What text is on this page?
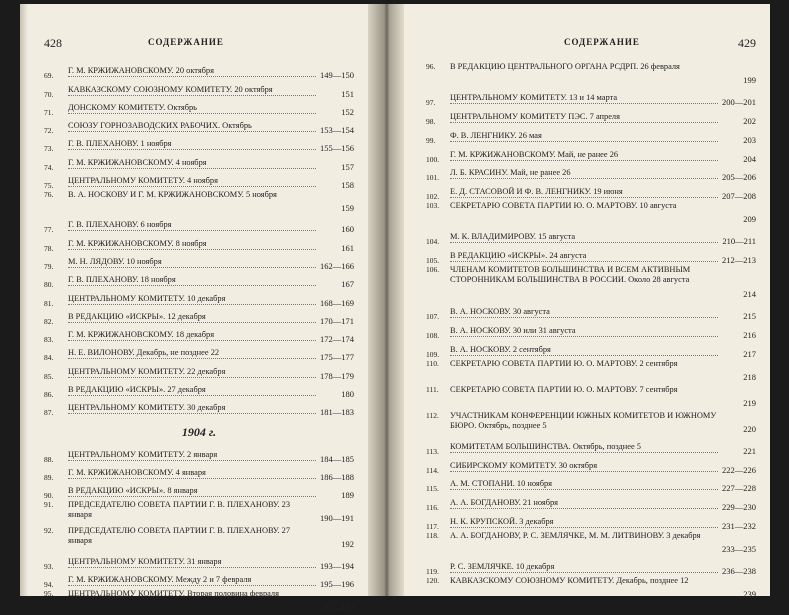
428	СОДЕРЖАНИЕ
69.
Г. М. КРЖИЖАНОВСКОМУ. 20 октября	149—150
70.
КАВКАЗСКОМУ СОЮЗНОМУ КОМИТЕТУ. 20 октября	151
71.
ДОНСКОМУ КОМИТЕТУ. Октябрь	152
72.
СОЮЗУ ГОРНОЗАВОДСКИХ РАБОЧИХ. Октябрь	153—154
73.
Г. В. ПЛЕХАНОВУ. 1 ноября	155—156
74.
Г. М. КРЖИЖАНОВСКОМУ. 4 ноября	157
75.
ЦЕНТРАЛЬНОМУ КОМИТЕТУ. 4 ноября	158
76.	В. А. НОСКОВУ И Г. М. КРЖИЖАНОВСКОМУ. 5 ноября
159
77.
Г. В. ПЛЕХАНОВУ. 6 ноября	160
78.
Г. М. КРЖИЖАНОВСКОМУ. 8 ноября	161
79.
М. Н. ЛЯДОВУ. 10 ноября	162—166
80.
Г. В. ПЛЕХАНОВУ. 18 ноября	167
81.
ЦЕНТРАЛЬНОМУ КОМИТЕТУ. 10 декабря	168—169
82.
В РЕДАКЦИЮ «ИСКРЫ». 12 декабря	170—171
83.
Г. М. КРЖИЖАНОВСКОМУ. 18 декабря	172—174
84.
Н. Е. ВИЛОНОВУ. Декабрь, не позднее 22	175—177
85.
ЦЕНТРАЛЬНОМУ КОМИТЕТУ. 22 декабря	178—179
86.
В РЕДАКЦИЮ «ИСКРЫ». 27 декабря	180
87.
ЦЕНТРАЛЬНОМУ КОМИТЕТУ. 30 декабря	181—183
1904 г.
88.
ЦЕНТРАЛЬНОМУ КОМИТЕТУ. 2 января	184—185
89.
Г. М. КРЖИЖАНОВСКОМУ. 4 января	186—188
90.
В РЕДАКЦИЮ «ИСКРЫ». 8 января	189
91.	ПРЕДСЕДАТЕЛЮ СОВЕТА ПАРТИИ Г. В. ПЛЕХАНОВУ. 23 января	190—191
92.	ПРЕДСЕДАТЕЛЮ СОВЕТА ПАРТИИ Г. В. ПЛЕХАНОВУ. 27 января	192
93.
ЦЕНТРАЛЬНОМУ КОМИТЕТУ. 31 января	193—194
94.
Г. М. КРЖИЖАНОВСКОМУ. Между 2 и 7 февраля	195—196
95.	ЦЕНТРАЛЬНОМУ КОМИТЕТУ. Вторая половина февраля
197—198
СОДЕРЖАНИЕ	429
96.	В РЕДАКЦИЮ ЦЕНТРАЛЬНОГО ОРГАНА РСДРП. 26 февраля
199
97.
ЦЕНТРАЛЬНОМУ КОМИТЕТУ. 13 и 14 марта	200—201
98.
ЦЕНТРАЛЬНОМУ КОМИТЕТУ ПЭС. 7 апреля	202
99.
Ф. В. ЛЕНГНИКУ. 26 мая	203
100.
Г. М. КРЖИЖАНОВСКОМУ. Май, не ранее 26	204
101.
Л. Б. КРАСИНУ. Май, не ранее 26	205—206
102.
Е. Д. СТАСОВОЙ И Ф. В. ЛЕНГНИКУ. 19 июня	207—208
103.	СЕКРЕТАРЮ СОВЕТА ПАРТИИ Ю. О. МАРТОВУ. 10 августа
209
104.
М. К. ВЛАДИМИРОВУ. 15 августа	210—211
105.
В РЕДАКЦИЮ «ИСКРЫ». 24 августа	212—213
106.	ЧЛЕНАМ КОМИТЕТОВ БОЛЬШИНСТВА И ВСЕМ АКТИВНЫМ СТОРОННИКАМ БОЛЬШИНСТВА В РОССИИ. Около 28 августа
214
107.
В. А. НОСКОВУ. 30 августа	215
108.
В. А. НОСКОВУ. 30 или 31 августа	216
109.
В. А. НОСКОВУ. 2 сентября	217
110.	СЕКРЕТАРЮ СОВЕТА ПАРТИИ Ю. О. МАРТОВУ. 2 сентября
218
111.	СЕКРЕТАРЮ СОВЕТА ПАРТИИ Ю. О. МАРТОВУ. 7 сентября
219
112.	УЧАСТНИКАМ КОНФЕРЕНЦИИ ЮЖНЫХ КОМИТЕТОВ И ЮЖНОМУ БЮРО. Октябрь, позднее 5	220
113.
КОМИТЕТАМ БОЛЬШИНСТВА. Октябрь, позднее 5	221
114.
СИБИРСКОМУ КОМИТЕТУ. 30 октября	222—226
115.
А. М. СТОПАНИ. 10 ноября	227—228
116.
А. А. БОГДАНОВУ. 21 ноября	229—230
117.
Н. К. КРУПСКОЙ. 3 декабря	231—232
118.	А. А. БОГДАНОВУ, Р. С. ЗЕМЛЯЧКЕ, М. М. ЛИТВИНОВУ. 3 декабря
233—235
119.
Р. С. ЗЕМЛЯЧКЕ. 10 декабря	236—238
120.	КАВКАЗСКОМУ СОЮЗНОМУ КОМИТЕТУ. Декабрь, позднее 12
239
